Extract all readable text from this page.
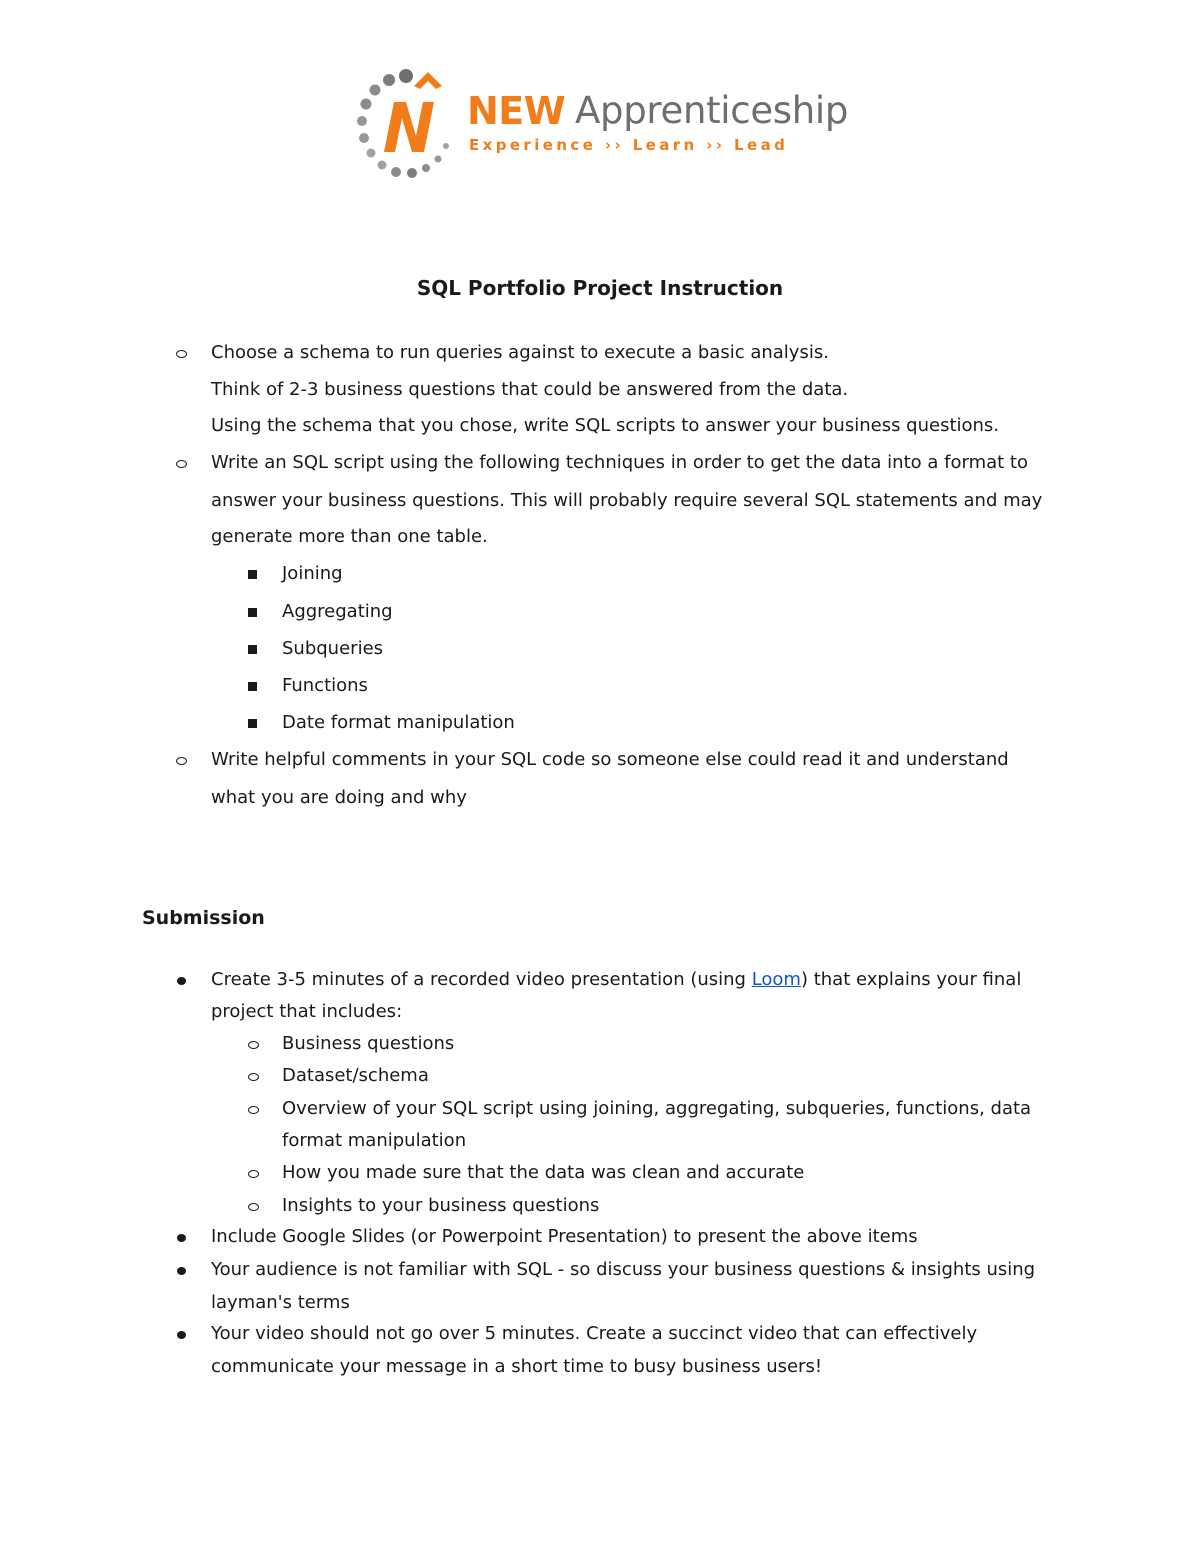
NEW Apprenticeship
Experience ›› Learn ›› Lead
SQL Portfolio Project Instruction
Choose a schema to run queries against to execute a basic analysis.
Think of 2-3 business questions that could be answered from the data.
Using the schema that you chose, write SQL scripts to answer your business questions.
Write an SQL script using the following techniques in order to get the data into a format to
answer your business questions. This will probably require several SQL statements and may
generate more than one table.
Joining
Aggregating
Subqueries
Functions
Date format manipulation
Write helpful comments in your SQL code so someone else could read it and understand
what you are doing and why
Submission
Create 3-5 minutes of a recorded video presentation (using Loom) that explains your final
project that includes:
Business questions
Dataset/schema
Overview of your SQL script using joining, aggregating, subqueries, functions, data
format manipulation
How you made sure that the data was clean and accurate
Insights to your business questions
Include Google Slides (or Powerpoint Presentation) to present the above items
Your audience is not familiar with SQL - so discuss your business questions & insights using
layman's terms
Your video should not go over 5 minutes. Create a succinct video that can effectively
communicate your message in a short time to busy business users!
